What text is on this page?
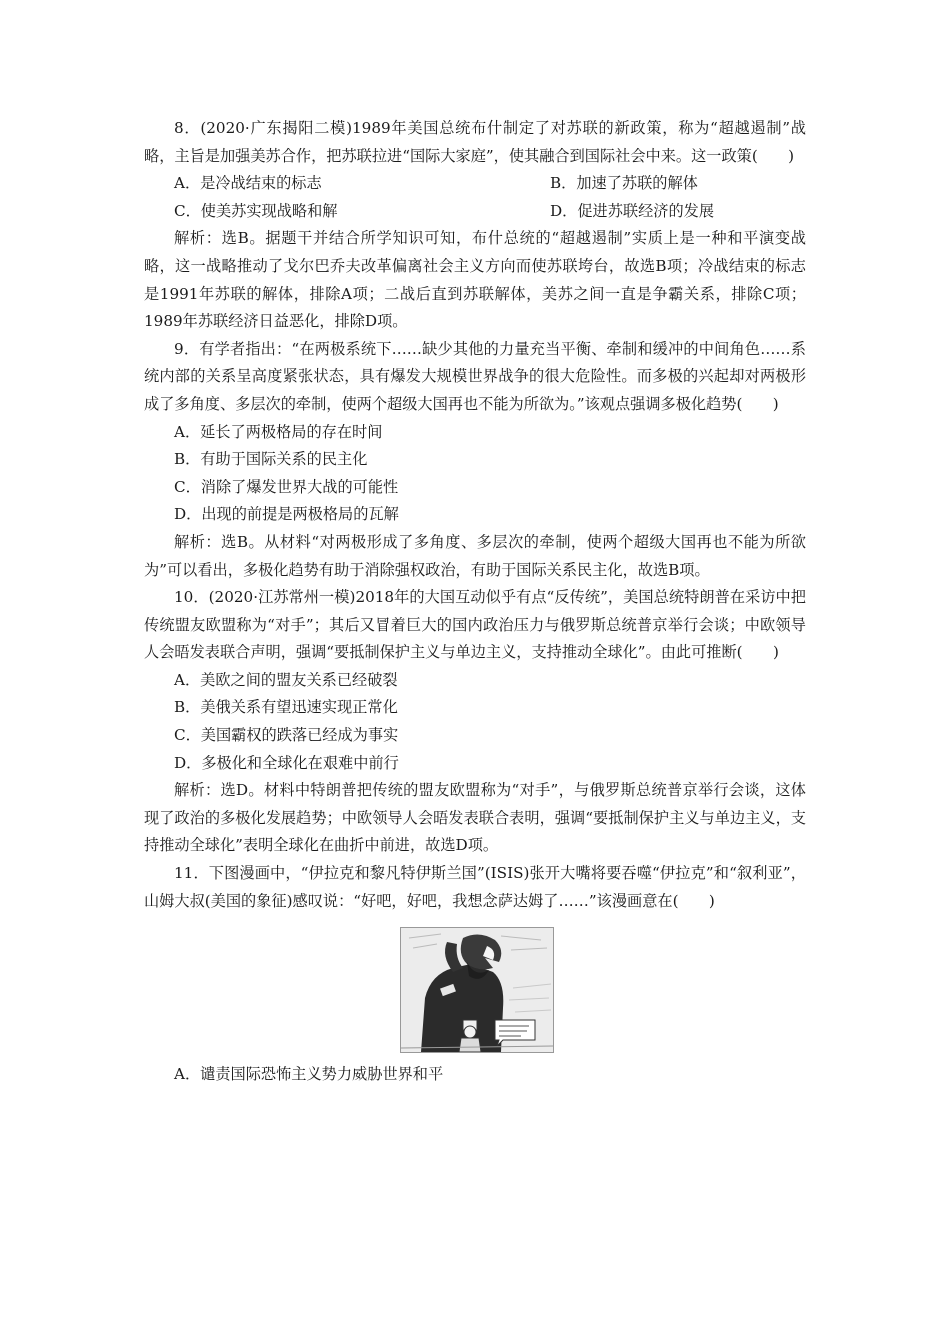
8．(2020·广东揭阳二模)1989年美国总统布什制定了对苏联的新政策，称为“超越遏制”战略，主旨是加强美苏合作，把苏联拉进“国际大家庭”，使其融合到国际社会中来。这一政策(　　)

A．是冷战结束的标志	B．加速了苏联的解体
C．使美苏实现战略和解	D．促进苏联经济的发展

解析：选B。据题干并结合所学知识可知，布什总统的“超越遏制”实质上是一种和平演变战略，这一战略推动了戈尔巴乔夫改革偏离社会主义方向而使苏联垮台，故选B项；冷战结束的标志是1991年苏联的解体，排除A项；二战后直到苏联解体，美苏之间一直是争霸关系，排除C项；1989年苏联经济日益恶化，排除D项。

9．有学者指出：“在两极系统下……缺少其他的力量充当平衡、牵制和缓冲的中间角色……系统内部的关系呈高度紧张状态，具有爆发大规模世界战争的很大危险性。而多极的兴起却对两极形成了多角度、多层次的牵制，使两个超级大国再也不能为所欲为。”该观点强调多极化趋势(　　)

A．延长了两极格局的存在时间

B．有助于国际关系的民主化

C．消除了爆发世界大战的可能性

D．出现的前提是两极格局的瓦解

解析：选B。从材料“对两极形成了多角度、多层次的牵制，使两个超级大国再也不能为所欲为”可以看出，多极化趋势有助于消除强权政治，有助于国际关系民主化，故选B项。

10．(2020·江苏常州一模)2018年的大国互动似乎有点“反传统”，美国总统特朗普在采访中把传统盟友欧盟称为“对手”；其后又冒着巨大的国内政治压力与俄罗斯总统普京举行会谈；中欧领导人会晤发表联合声明，强调“要抵制保护主义与单边主义，支持推动全球化”。由此可推断(　　)

A．美欧之间的盟友关系已经破裂

B．美俄关系有望迅速实现正常化

C．美国霸权的跌落已经成为事实

D．多极化和全球化在艰难中前行

解析：选D。材料中特朗普把传统的盟友欧盟称为“对手”，与俄罗斯总统普京举行会谈，这体现了政治的多极化发展趋势；中欧领导人会晤发表联合表明，强调“要抵制保护主义与单边主义，支持推动全球化”表明全球化在曲折中前进，故选D项。

11．下图漫画中，“伊拉克和黎凡特伊斯兰国”(ISIS)张开大嘴将要吞噬“伊拉克”和“叙利亚”，山姆大叔(美国的象征)感叹说：“好吧，好吧，我想念萨达姆了……”该漫画意在(　　)

A．谴责国际恐怖主义势力威胁世界和平
